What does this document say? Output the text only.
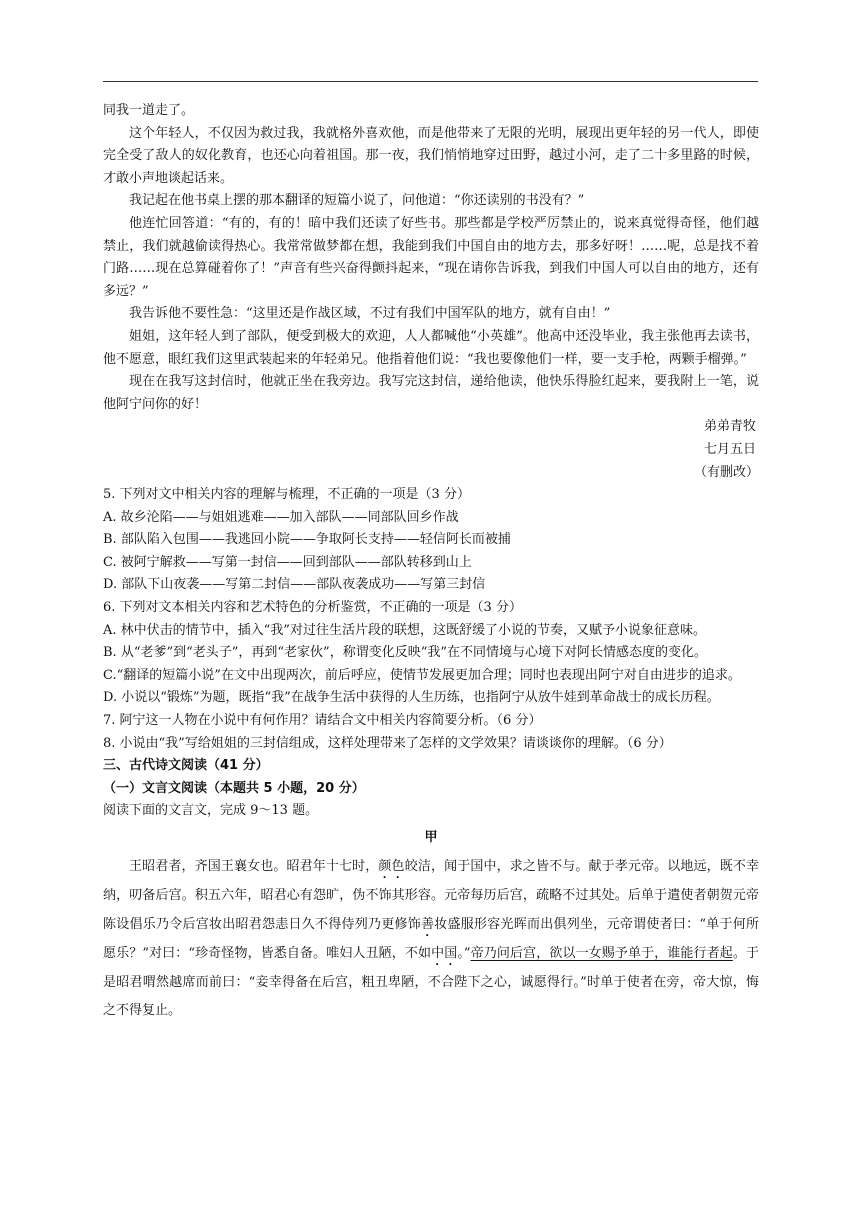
同我一道走了。

这个年轻人，不仅因为救过我，我就格外喜欢他，而是他带来了无限的光明，展现出更年轻的另一代人，即使完全受了敌人的奴化教育，也还心向着祖国。那一夜，我们悄悄地穿过田野，越过小河，走了二十多里路的时候，才敢小声地谈起话来。

我记起在他书桌上摆的那本翻译的短篇小说了，问他道：“你还读别的书没有？”

他连忙回答道：“有的，有的！暗中我们还读了好些书。那些都是学校严厉禁止的，说来真觉得奇怪，他们越禁止，我们就越偷读得热心。我常常做梦都在想，我能到我们中国自由的地方去，那多好呀！……呢，总是找不着门路……现在总算碰着你了！”声音有些兴奋得颤抖起来，“现在请你告诉我，到我们中国人可以自由的地方，还有多远？”

我告诉他不要性急：“这里还是作战区域，不过有我们中国军队的地方，就有自由！”

姐姐，这年轻人到了部队，便受到极大的欢迎，人人都喊他“小英雄”。他高中还没毕业，我主张他再去读书，他不愿意，眼红我们这里武装起来的年轻弟兄。他指着他们说：“我也要像他们一样，要一支手枪，两颗手榴弹。”

现在在我写这封信时，他就正坐在我旁边。我写完这封信，递给他读，他快乐得脸红起来，要我附上一笔，说他阿宁问你的好！

弟弟青牧

七月五日

（有删改）

5. 下列对文中相关内容的理解与梳理，不正确的一项是（3 分）

A. 故乡沦陷——与姐姐逃难——加入部队——同部队回乡作战

B. 部队陷入包围——我逃回小院——争取阿长支持——轻信阿长而被捕

C. 被阿宁解救——写第一封信——回到部队——部队转移到山上

D. 部队下山夜袭——写第二封信——部队夜袭成功——写第三封信

6. 下列对文本相关内容和艺术特色的分析鉴赏，不正确的一项是（3 分）

A. 林中伏击的情节中，插入“我”对过往生活片段的联想，这既舒缓了小说的节奏，又赋予小说象征意味。

B. 从“老爹”到“老头子”，再到“老家伙”，称谓变化反映“我”在不同情境与心境下对阿长情感态度的变化。

C.“翻译的短篇小说”在文中出现两次，前后呼应，使情节发展更加合理；同时也表现出阿宁对自由进步的追求。

D. 小说以“锻炼”为题，既指“我”在战争生活中获得的人生历练，也指阿宁从放牛娃到革命战士的成长历程。

7. 阿宁这一人物在小说中有何作用？请结合文中相关内容简要分析。（6 分）

8. 小说由“我”写给姐姐的三封信组成，这样处理带来了怎样的文学效果？请谈谈你的理解。（6 分）

三、古代诗文阅读（41 分）

（一）文言文阅读（本题共 5 小题，20 分）

阅读下面的文言文，完成 9～13 题。

甲

王昭君者，齐国王襄女也。昭君年十七时，颜色皎洁，闻于国中，求之皆不与。献于孝元帝。以地远，既不幸纳，叨备后宫。积五六年，昭君心有怨旷，伪不饰其形容。元帝每历后宫，疏略不过其处。后单于遣使者朝贺元帝陈设倡乐乃令后宫妆出昭君怨恚日久不得侍列乃更修饰善妆盛服形容光晖而出俱列坐，元帝谓使者曰：“单于何所愿乐？”对曰：“珍奇怪物，皆悉自备。唯妇人丑陋，不如中国。”帝乃问后宫，欲以一女赐予单于，谁能行者起。于是昭君喟然越席而前曰：“妾幸得备在后宫，粗丑卑陋，不合陛下之心，诚愿得行。”时单于使者在旁，帝大惊，悔之不得复止。
